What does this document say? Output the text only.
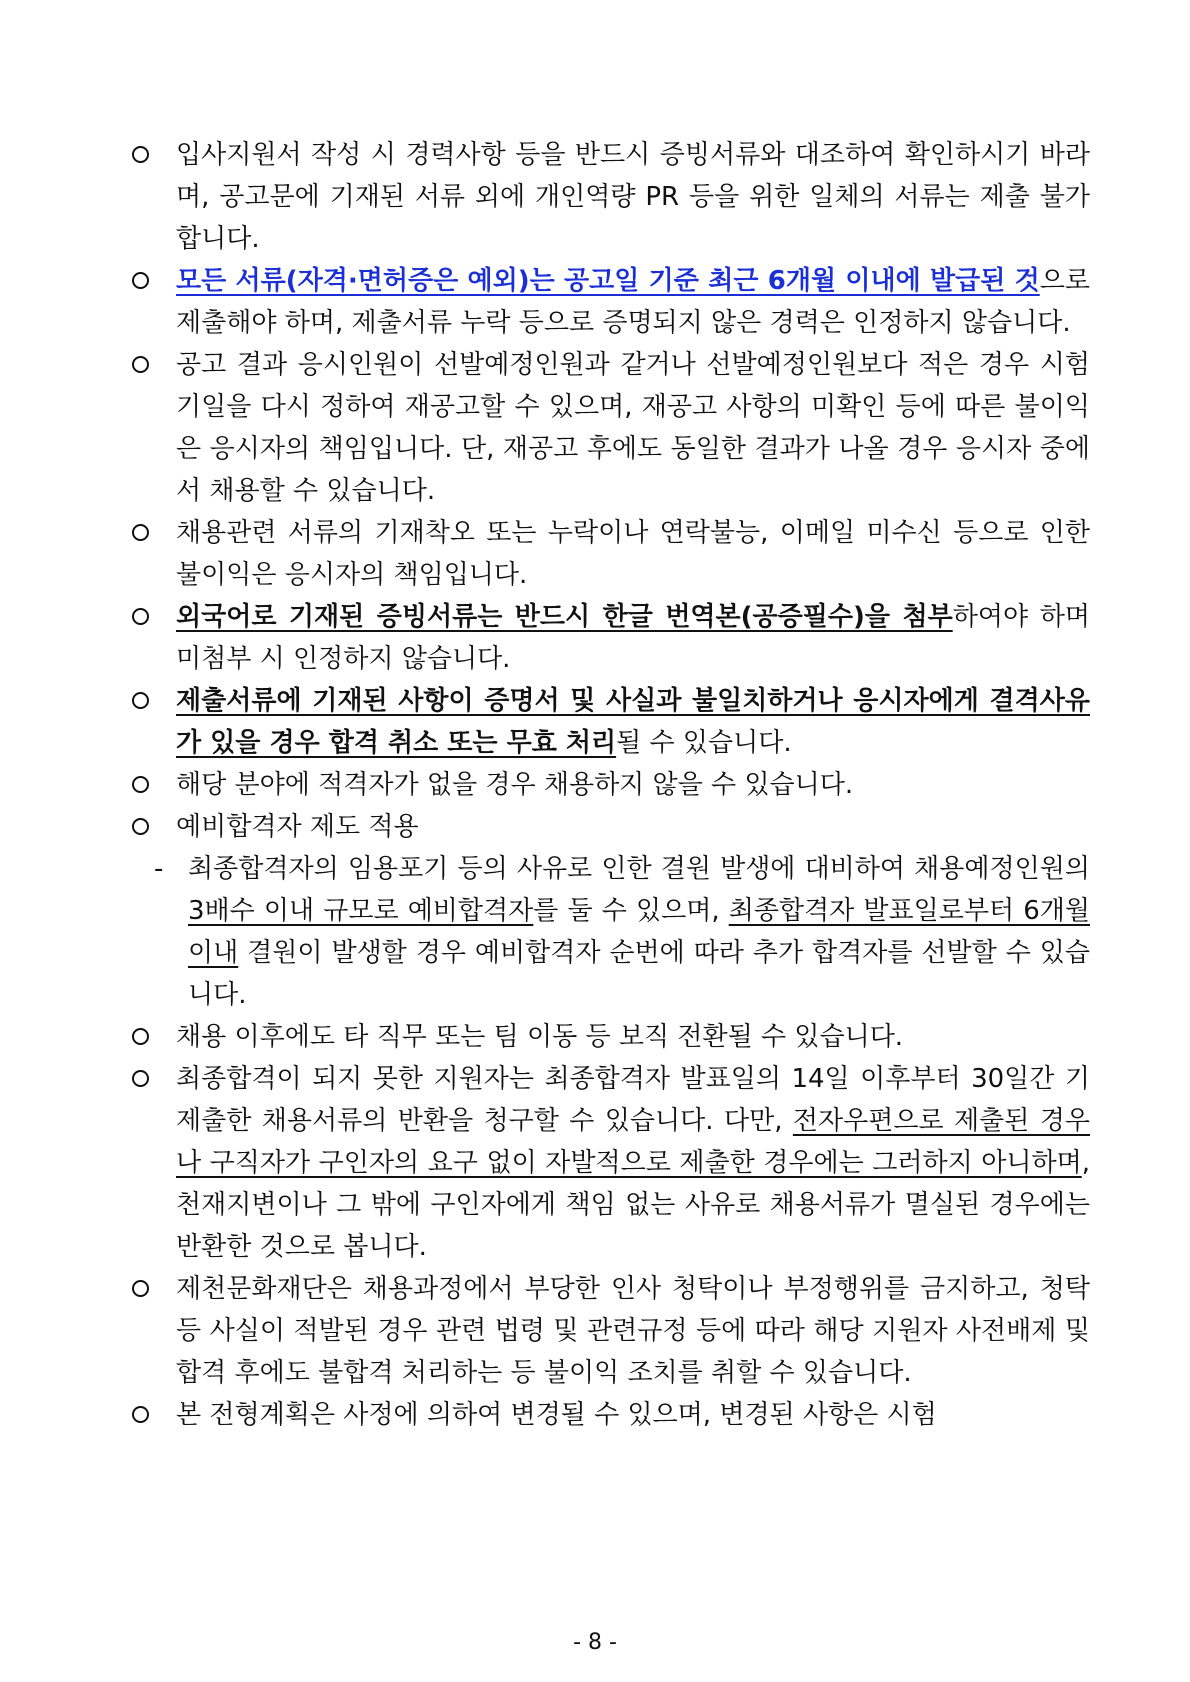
입사지원서 작성 시 경력사항 등을 반드시 증빙서류와 대조하여 확인하시기 바라며, 공고문에 기재된 서류 외에 개인역량 PR 등을 위한 일체의 서류는 제출 불가합니다.
모든 서류(자격·면허증은 예외)는 공고일 기준 최근 6개월 이내에 발급된 것으로 제출해야 하며, 제출서류 누락 등으로 증명되지 않은 경력은 인정하지 않습니다.
공고 결과 응시인원이 선발예정인원과 같거나 선발예정인원보다 적은 경우 시험 기일을 다시 정하여 재공고할 수 있으며, 재공고 사항의 미확인 등에 따른 불이익은 응시자의 책임입니다. 단, 재공고 후에도 동일한 결과가 나올 경우 응시자 중에서 채용할 수 있습니다.
채용관련 서류의 기재착오 또는 누락이나 연락불능, 이메일 미수신 등으로 인한 불이익은 응시자의 책임입니다.
외국어로 기재된 증빙서류는 반드시 한글 번역본(공증필수)을 첨부하여야 하며 미첨부 시 인정하지 않습니다.
제출서류에 기재된 사항이 증명서 및 사실과 불일치하거나 응시자에게 결격사유가 있을 경우 합격 취소 또는 무효 처리될 수 있습니다.
해당 분야에 적격자가 없을 경우 채용하지 않을 수 있습니다.
예비합격자 제도 적용
- 최종합격자의 임용포기 등의 사유로 인한 결원 발생에 대비하여 채용예정인원의 3배수 이내 규모로 예비합격자를 둘 수 있으며, 최종합격자 발표일로부터 6개월 이내 결원이 발생할 경우 예비합격자 순번에 따라 추가 합격자를 선발할 수 있습니다.
채용 이후에도 타 직무 또는 팀 이동 등 보직 전환될 수 있습니다.
최종합격이 되지 못한 지원자는 최종합격자 발표일의 14일 이후부터 30일간 기 제출한 채용서류의 반환을 청구할 수 있습니다. 다만, 전자우편으로 제출된 경우나 구직자가 구인자의 요구 없이 자발적으로 제출한 경우에는 그러하지 아니하며, 천재지변이나 그 밖에 구인자에게 책임 없는 사유로 채용서류가 멸실된 경우에는 반환한 것으로 봅니다.
제천문화재단은 채용과정에서 부당한 인사 청탁이나 부정행위를 금지하고, 청탁 등 사실이 적발된 경우 관련 법령 및 관련규정 등에 따라 해당 지원자 사전배제 및 합격 후에도 불합격 처리하는 등 불이익 조치를 취할 수 있습니다.
본 전형계획은 사정에 의하여 변경될 수 있으며, 변경된 사항은 시험
- 8 -
